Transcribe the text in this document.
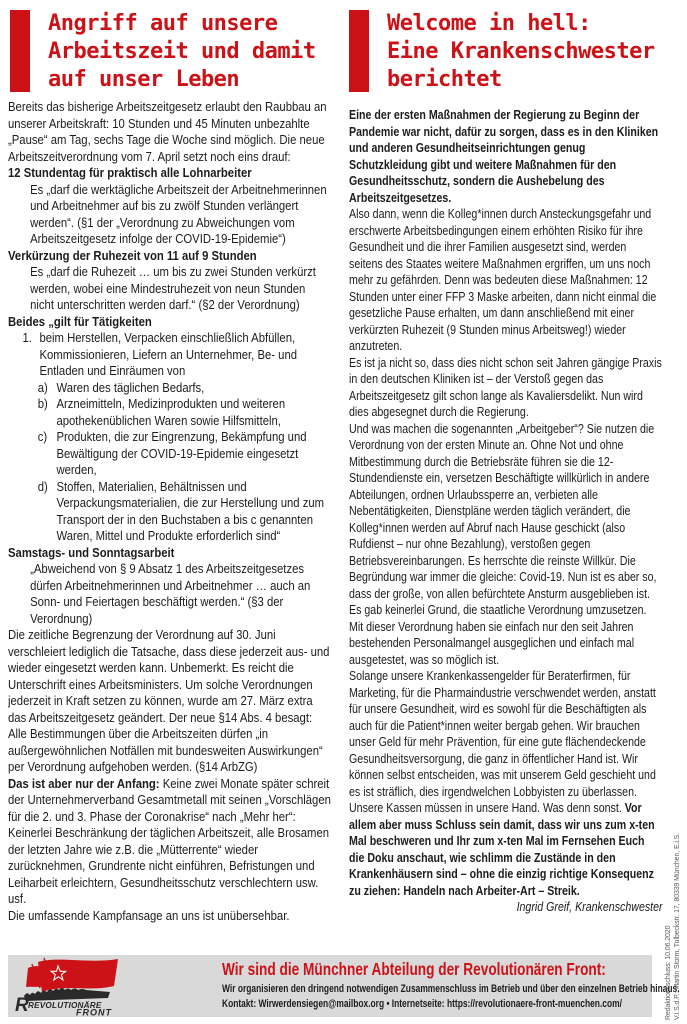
Angriff auf unsere
Arbeitszeit und damit
auf unser Leben
Welcome in hell:
Eine Krankenschwester
berichtet
Bereits das bisherige Arbeitszeitgesetz erlaubt den Raubbau an unserer Arbeitskraft: 10 Stunden und 45 Minuten unbezahlte „Pause“ am Tag, sechs Tage die Woche sind möglich. Die neue Arbeitszeitverordnung vom 7. April setzt noch eins drauf:
12 Stundentag für praktisch alle Lohnarbeiter
Es „darf die werktägliche Arbeitszeit der Arbeitnehmerinnen und Arbeitnehmer auf bis zu zwölf Stunden verlängert werden“. (§1 der „Verordnung zu Abweichungen vom Arbeitszeitgesetz infolge der COVID-19-Epidemie“)
Verkürzung der Ruhezeit von 11 auf 9 Stunden
Es „darf die Ruhezeit … um bis zu zwei Stunden verkürzt werden, wobei eine Mindestruhezeit von neun Stunden nicht unterschritten werden darf.“ (§2 der Verordnung)
Beides „gilt für Tätigkeiten
1. beim Herstellen, Verpacken einschließlich Abfüllen, Kommissionieren, Liefern an Unternehmer, Be- und Entladen und Einräumen von
a) Waren des täglichen Bedarfs,
b) Arzneimitteln, Medizinprodukten und weiteren apothekenüblichen Waren sowie Hilfsmitteln,
c) Produkten, die zur Eingrenzung, Bekämpfung und Bewältigung der COVID-19-Epidemie eingesetzt werden,
d) Stoffen, Materialien, Behältnissen und Verpackungsmaterialien, die zur Herstellung und zum Transport der in den Buchstaben a bis c genannten Waren, Mittel und Produkte erforderlich sind“
Samstags- und Sonntagsarbeit
„Abweichend von § 9 Absatz 1 des Arbeitszeitgesetzes dürfen Arbeitnehmerinnen und Arbeitnehmer … auch an Sonn- und Feiertagen beschäftigt werden.“ (§3 der Verordnung)
Die zeitliche Begrenzung der Verordnung auf 30. Juni verschleiert lediglich die Tatsache, dass diese jederzeit aus- und wieder eingesetzt werden kann. Unbemerkt. Es reicht die Unterschrift eines Arbeitsministers. Um solche Verordnungen jederzeit in Kraft setzen zu können, wurde am 27. März extra das Arbeitszeitgesetz geändert. Der neue §14 Abs. 4 besagt: Alle Bestimmungen über die Arbeitszeiten dürfen „in außergewöhnlichen Notfällen mit bundesweiten Auswirkungen“ per Verordnung aufgehoben werden. (§14 ArbZG)
Das ist aber nur der Anfang: Keine zwei Monate später schreit der Unternehmerverband Gesamtmetall mit seinen „Vorschlägen für die 2. und 3. Phase der Coronakrise“ nach „Mehr her“: Keinerlei Beschränkung der täglichen Arbeitszeit, alle Brosamen der letzten Jahre wie z.B. die „Mütterrente“ wieder zurücknehmen, Grundrente nicht einführen, Befristungen und Leiharbeit erleichtern, Gesundheitsschutz verschlechtern usw. usf.
Die umfassende Kampfansage an uns ist unübersehbar.
Eine der ersten Maßnahmen der Regierung zu Beginn der Pandemie war nicht, dafür zu sorgen, dass es in den Kliniken und anderen Gesundheitseinrichtungen genug Schutzkleidung gibt und weitere Maßnahmen für den Gesundheitsschutz, sondern die Aushebelung des Arbeitszeitgesetzes.
Also dann, wenn die Kolleg*innen durch Ansteckungsgefahr und erschwerte Arbeitsbedingungen einem erhöhten Risiko für ihre Gesundheit und die ihrer Familien ausgesetzt sind, werden seitens des Staates weitere Maßnahmen ergriffen, um uns noch mehr zu gefährden. Denn was bedeuten diese Maßnahmen: 12 Stunden unter einer FFP 3 Maske arbeiten, dann nicht einmal die gesetzliche Pause erhalten, um dann anschließend mit einer verkürzten Ruhezeit (9 Stunden minus Arbeitsweg!) wieder anzutreten.
Es ist ja nicht so, dass dies nicht schon seit Jahren gängige Praxis in den deutschen Kliniken ist – der Verstoß gegen das Arbeitszeitgesetz gilt schon lange als Kavaliersdelikt. Nun wird dies abgesegnet durch die Regierung.
Und was machen die sogenannten „Arbeitgeber“? Sie nutzen die Verordnung von der ersten Minute an. Ohne Not und ohne Mitbestimmung durch die Betriebsräte führen sie die 12-Stundendienste ein, versetzen Beschäftigte willkürlich in andere Abteilungen, ordnen Urlaubssperre an, verbieten alle Nebentätigkeiten, Dienstpläne werden täglich verändert, die Kolleg*innen werden auf Abruf nach Hause geschickt (also Rufdienst – nur ohne Bezahlung), verstoßen gegen Betriebsvereinbarungen. Es herrschte die reinste Willkür. Die Begründung war immer die gleiche: Covid-19. Nun ist es aber so, dass der große, von allen befürchtete Ansturm ausgeblieben ist. Es gab keinerlei Grund, die staatliche Verordnung umzusetzen. Mit dieser Verordnung haben sie einfach nur den seit Jahren bestehenden Personalmangel ausgeglichen und einfach mal ausgetestet, was so möglich ist.
Solange unsere Krankenkassengelder für Beraterfirmen, für Marketing, für die Pharmaindustrie verschwendet werden, anstatt für unsere Gesundheit, wird es sowohl für die Beschäftigten als auch für die Patient*innen weiter bergab gehen. Wir brauchen unser Geld für mehr Prävention, für eine gute flächendeckende Gesundheitsversorgung, die ganz in öffentlicher Hand ist. Wir können selbst entscheiden, was mit unserem Geld geschieht und es ist sträflich, dies irgendwelchen Lobbyisten zu überlassen. Unsere Kassen müssen in unsere Hand. Was denn sonst. Vor allem aber muss Schluss sein damit, dass wir uns zum x-ten Mal beschweren und Ihr zum x-ten Mal im Fernsehen Euch die Doku anschaut, wie schlimm die Zustände in den Krankenhäusern sind – ohne die einzig richtige Konsequenz zu ziehen: Handeln nach Arbeiter-Art – Streik.
Ingrid Greif, Krankenschwester
R REVOLUTIONÄRE
FRONT
Wir sind die Münchner Abteilung der Revolutionären Front:
Wir organisieren den dringend notwendigen Zusammenschluss im Betrieb und über den einzelnen Betrieb hinaus.
Kontakt: Wirwerdensiegen@mailbox.org • Internetseite: https://revolutionaere-front-muenchen.com/	Redaktionsschluss: 10.06.2020 V.i.S.d.P.: Martin Storm, Tulbeckstr. 17, 80339 München, E.i.S.
